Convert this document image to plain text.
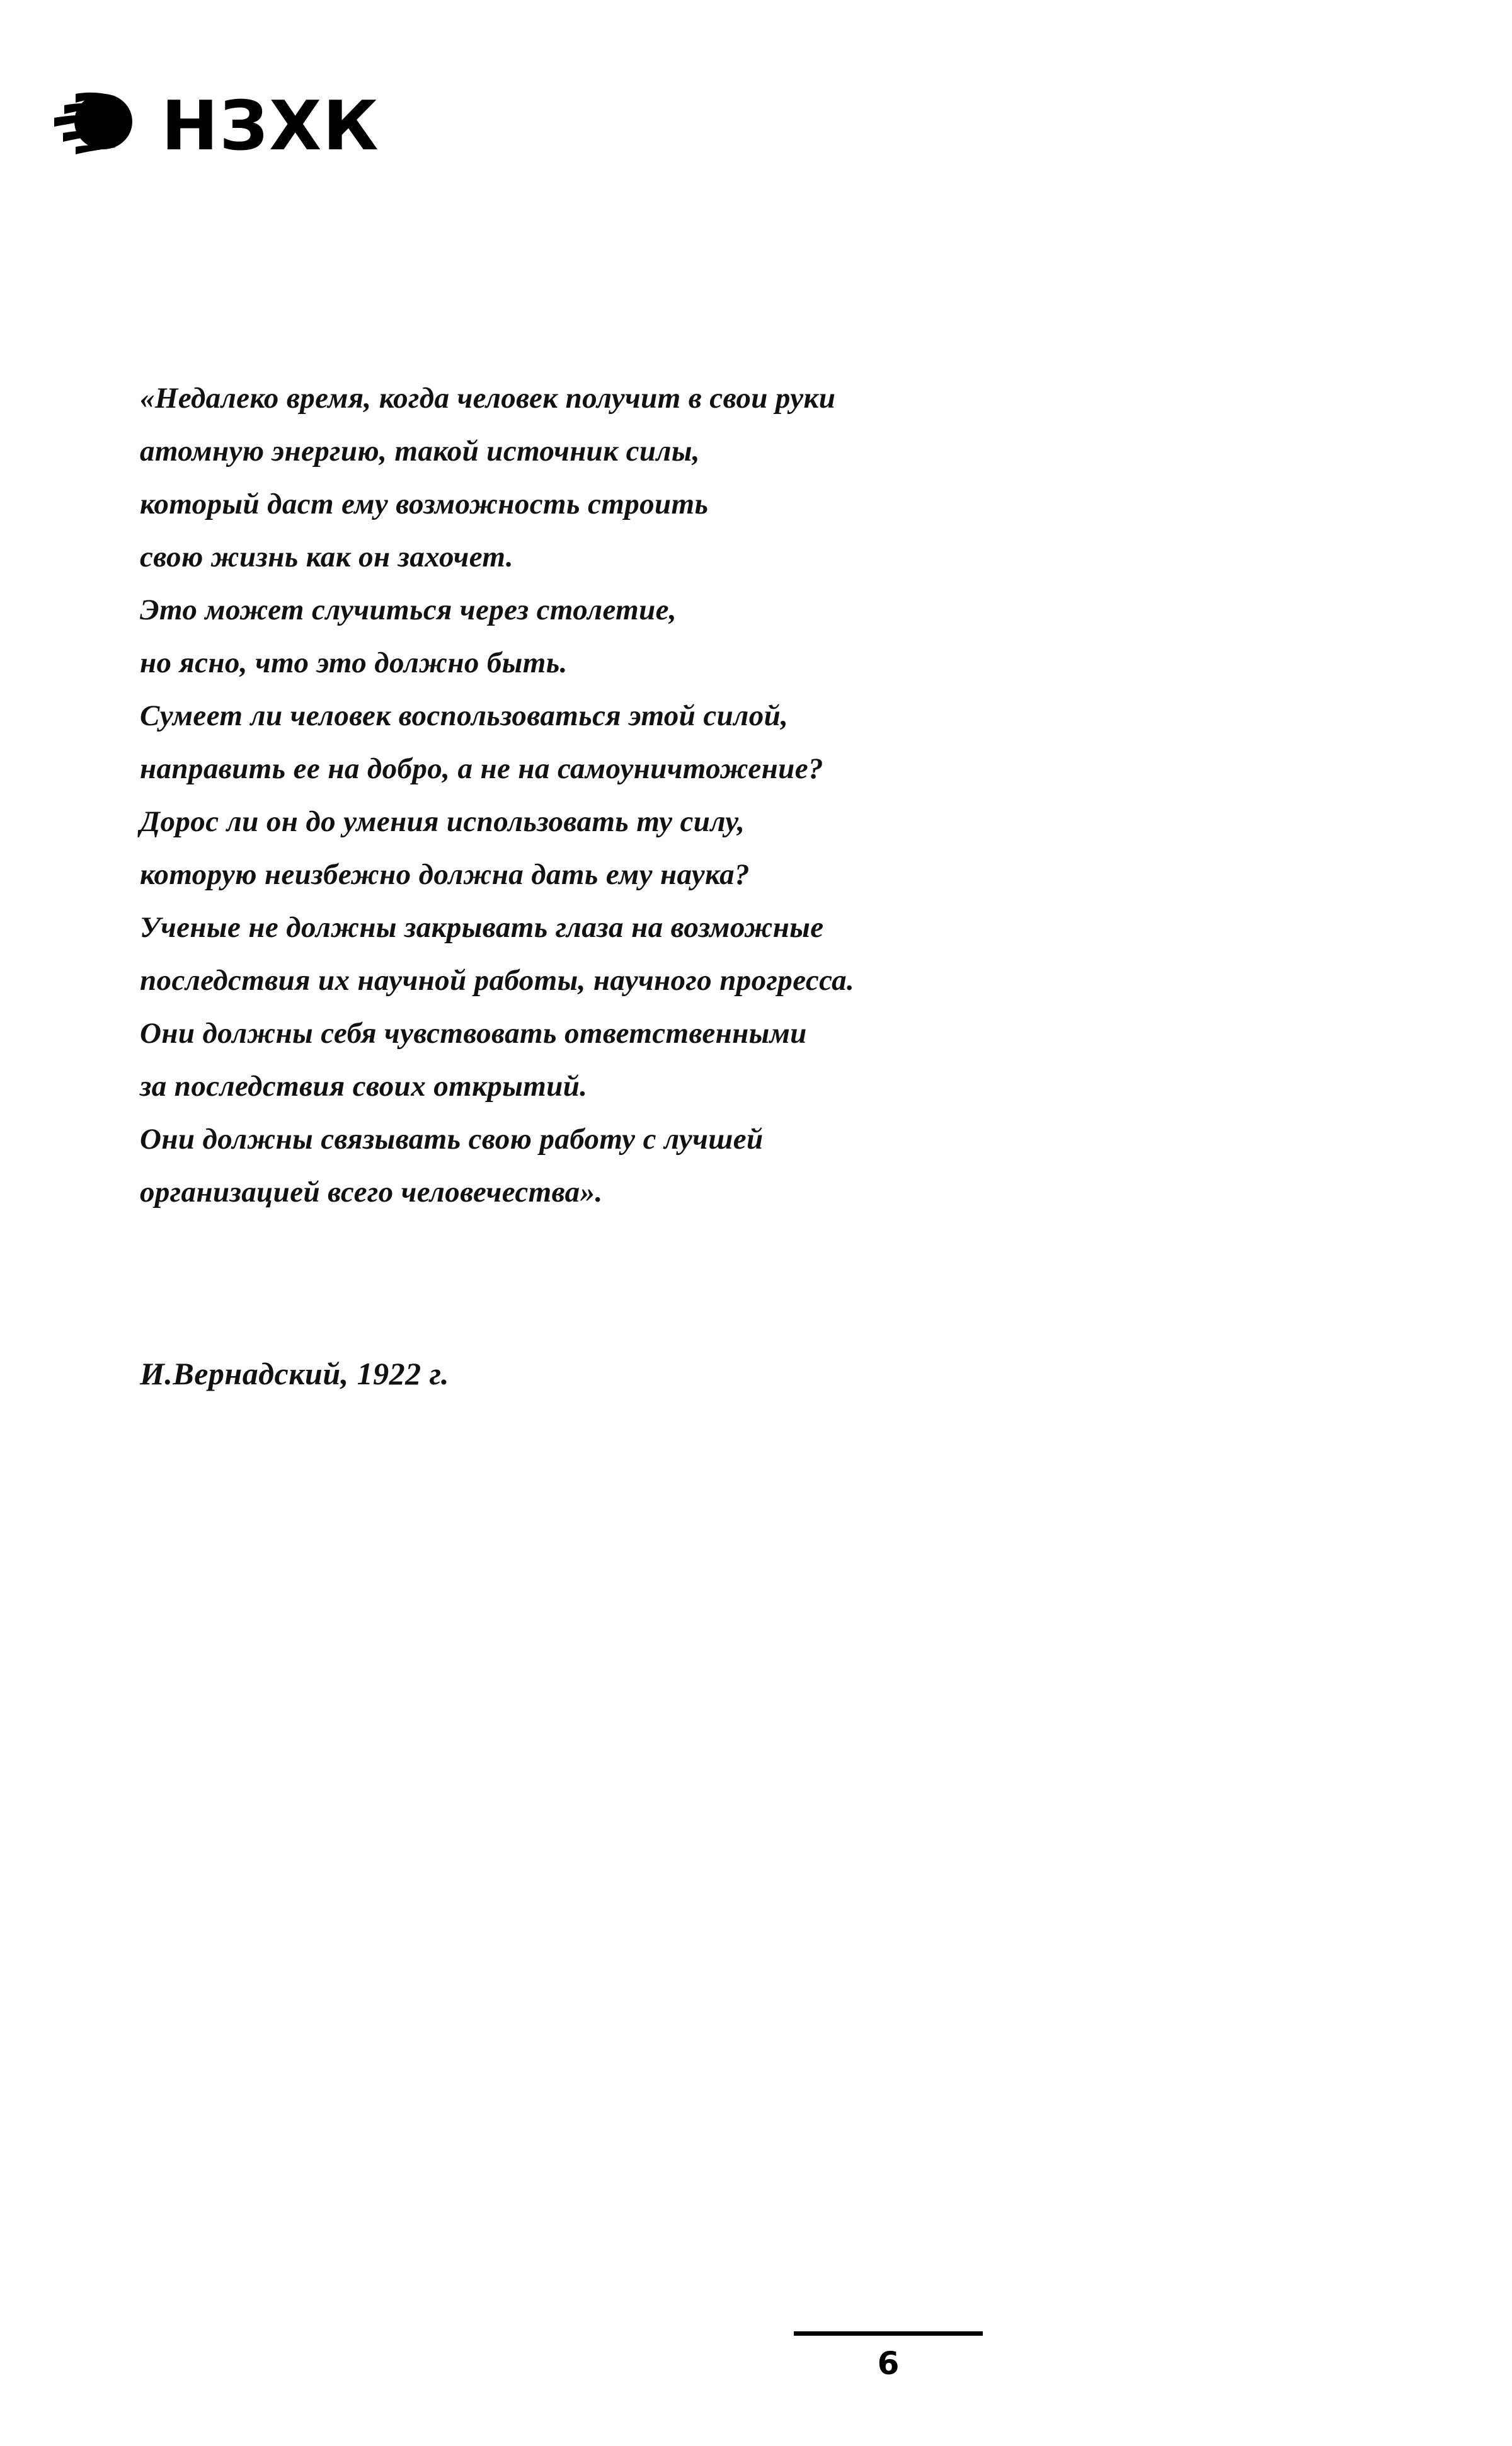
НЗХК
«Недалеко время, когда человек получит в свои руки
атомную энергию, такой источник силы,
который даст ему возможность строить
свою жизнь как он захочет.
Это может случиться через столетие,
но ясно, что это должно быть.
Сумеет ли человек воспользоваться этой силой,
направить ее на добро, а не на самоуничтожение?
Дорос ли он до умения использовать ту силу,
которую неизбежно должна дать ему наука?
Ученые не должны закрывать глаза на возможные
последствия их научной работы, научного прогресса.
Они должны себя чувствовать ответственными
за последствия своих открытий.
Они должны связывать свою работу с лучшей
организацией всего человечества».
И.Вернадский, 1922 г.
6
